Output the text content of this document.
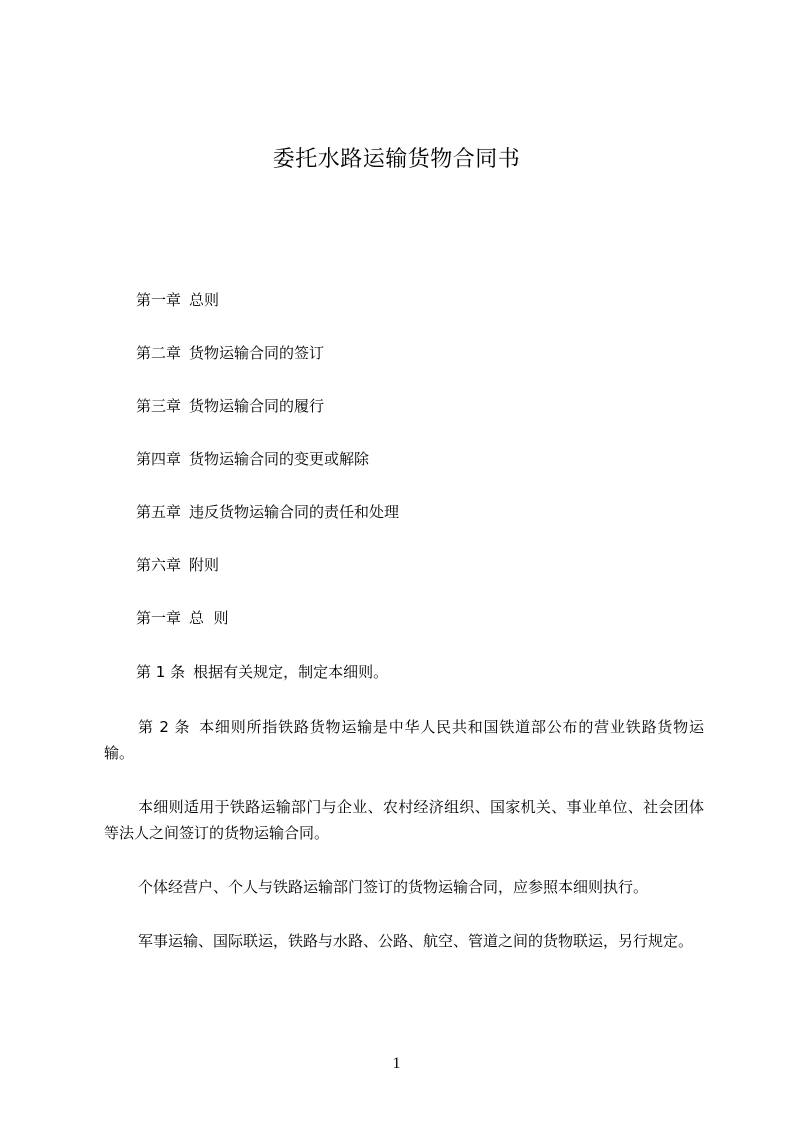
委托水路运输货物合同书
第一章 总则
第二章 货物运输合同的签订
第三章 货物运输合同的履行
第四章 货物运输合同的变更或解除
第五章 违反货物运输合同的责任和处理
第六章 附则
第一章 总  则
第 1 条 根据有关规定，制定本细则。

第 2 条 本细则所指铁路货物运输是中华人民共和国铁道部公布的营业铁路货物运输。

本细则适用于铁路运输部门与企业、农村经济组织、国家机关、事业单位、社会团体等法人之间签订的货物运输合同。

个体经营户、个人与铁路运输部门签订的货物运输合同，应参照本细则执行。

军事运输、国际联运，铁路与水路、公路、航空、管道之间的货物联运，另行规定。

1
